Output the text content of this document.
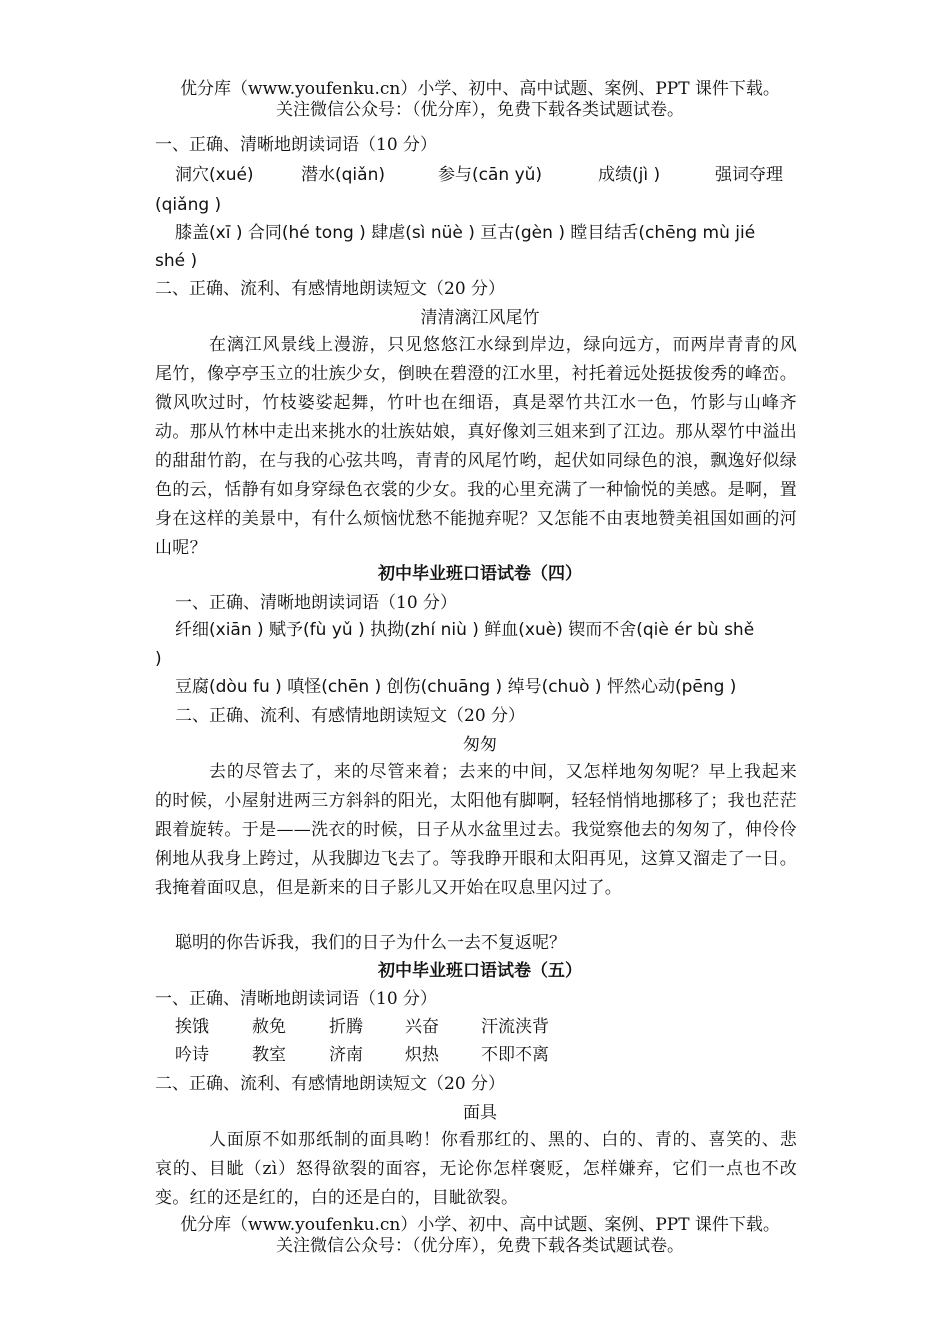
优分库（www.youfenku.cn）小学、初中、高中试题、案例、PPT 课件下载。
关注微信公众号：（优分库），免费下载各类试题试卷。
一、正确、清晰地朗读词语（10 分）
洞穴(xué)	潜水(qiǎn)	参与(cān yǔ)	成绩(jì )	强词夺理
(qiǎng )
膝盖(xī ) 合同(hé tong ) 肆虐(sì nüè ) 亘古(gèn ) 瞠目结舌(chēng mù jié
shé )
二、正确、流利、有感情地朗读短文（20 分）
清清漓江风尾竹
在漓江风景线上漫游，只见悠悠江水绿到岸边，绿向远方，而两岸青青的风尾竹，像亭亭玉立的壮族少女，倒映在碧澄的江水里，衬托着远处挺拔俊秀的峰峦。微风吹过时，竹枝婆娑起舞，竹叶也在细语，真是翠竹共江水一色，竹影与山峰齐动。那从竹林中走出来挑水的壮族姑娘，真好像刘三姐来到了江边。那从翠竹中溢出的甜甜竹韵，在与我的心弦共鸣，青青的风尾竹哟，起伏如同绿色的浪，飘逸好似绿色的云，恬静有如身穿绿色衣裳的少女。我的心里充满了一种愉悦的美感。是啊，置身在这样的美景中，有什么烦恼忧愁不能抛弃呢？又怎能不由衷地赞美祖国如画的河山呢？
初中毕业班口语试卷（四）
一、正确、清晰地朗读词语（10 分）
纤细(xiān ) 赋予(fù yǔ ) 执拗(zhí niù ) 鲜血(xuè) 锲而不舍(qiè ér bù shě
)
豆腐(dòu fu ) 嗔怪(chēn ) 创伤(chuāng ) 绰号(chuò ) 怦然心动(pēng )
二、正确、流利、有感情地朗读短文（20 分）
匆匆
去的尽管去了，来的尽管来着；去来的中间，又怎样地匆匆呢？早上我起来的时候，小屋射进两三方斜斜的阳光，太阳他有脚啊，轻轻悄悄地挪移了；我也茫茫跟着旋转。于是——洗衣的时候，日子从水盆里过去。我觉察他去的匆匆了，伸伶伶俐地从我身上跨过，从我脚边飞去了。等我睁开眼和太阳再见，这算又溜走了一日。我掩着面叹息，但是新来的日子影儿又开始在叹息里闪过了。
聪明的你告诉我，我们的日子为什么一去不复返呢？
初中毕业班口语试卷（五）
一、正确、清晰地朗读词语（10 分）
挨饿	赦免	折腾 兴奋 汗流浃背
吟诗	教室	济南 炽热 不即不离
二、正确、流利、有感情地朗读短文（20 分）
面具
人面原不如那纸制的面具哟！你看那红的、黑的、白的、青的、喜笑的、悲哀的、目眦（zì）怒得欲裂的面容，无论你怎样褒贬，怎样嫌弃，它们一点也不改变。红的还是红的，白的还是白的，目眦欲裂。
优分库（www.youfenku.cn）小学、初中、高中试题、案例、PPT 课件下载。
关注微信公众号：（优分库），免费下载各类试题试卷。
